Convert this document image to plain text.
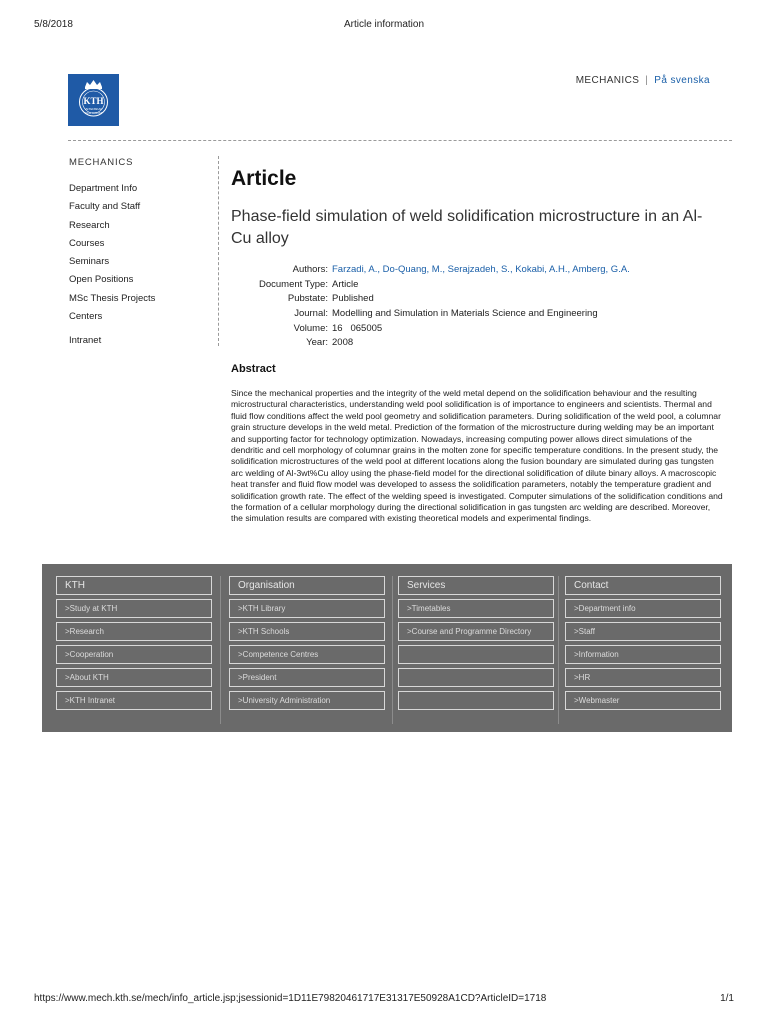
5/8/2018	Article information
KTH
VETENSKAP
OCH KONST
MECHANICS | På svenska
MECHANICS
Department Info
Faculty and Staff
Research
Courses
Seminars
Open Positions
MSc Thesis Projects
Centers
Intranet
Article
Phase-field simulation of weld solidification microstructure in an Al-Cu alloy
Authors: Farzadi, A., Do-Quang, M., Serajzadeh, S., Kokabi, A.H., Amberg, G.A.
Document Type: Article
Pubstate: Published
Journal: Modelling and Simulation in Materials Science and Engineering
Volume: 16   065005
Year: 2008
Abstract
Since the mechanical properties and the integrity of the weld metal depend on the solidification behaviour and the resulting microstructural characteristics, understanding weld pool solidification is of importance to engineers and scientists. Thermal and fluid flow conditions affect the weld pool geometry and solidification parameters. During solidification of the weld pool, a columnar grain structure develops in the weld metal. Prediction of the formation of the microstructure during welding may be an important and supporting factor for technology optimization. Nowadays, increasing computing power allows direct simulations of the dendritic and cell morphology of columnar grains in the molten zone for specific temperature conditions. In the present study, the solidification microstructures of the weld pool at different locations along the fusion boundary are simulated during gas tungsten arc welding of Al-3wt%Cu alloy using the phase-field model for the directional solidification of dilute binary alloys. A macroscopic heat transfer and fluid flow model was developed to assess the solidification parameters, notably the temperature gradient and solidification growth rate. The effect of the welding speed is investigated. Computer simulations of the solidification conditions and the formation of a cellular morphology during the directional solidification in gas tungsten arc welding are described. Moreover, the simulation results are compared with existing theoretical models and experimental findings.
KTH
>Study at KTH
>Research
>Cooperation
>About KTH
>KTH Intranet
Organisation
>KTH Library
>KTH Schools
>Competence Centres
>President
>University Administration
Services
>Timetables
>Course and Programme Directory
Contact
>Department info
>Staff
>Information
>HR
>Webmaster
https://www.mech.kth.se/mech/info_article.jsp;jsessionid=1D11E79820461717E31317E50928A1CD?ArticleID=1718	1/1
